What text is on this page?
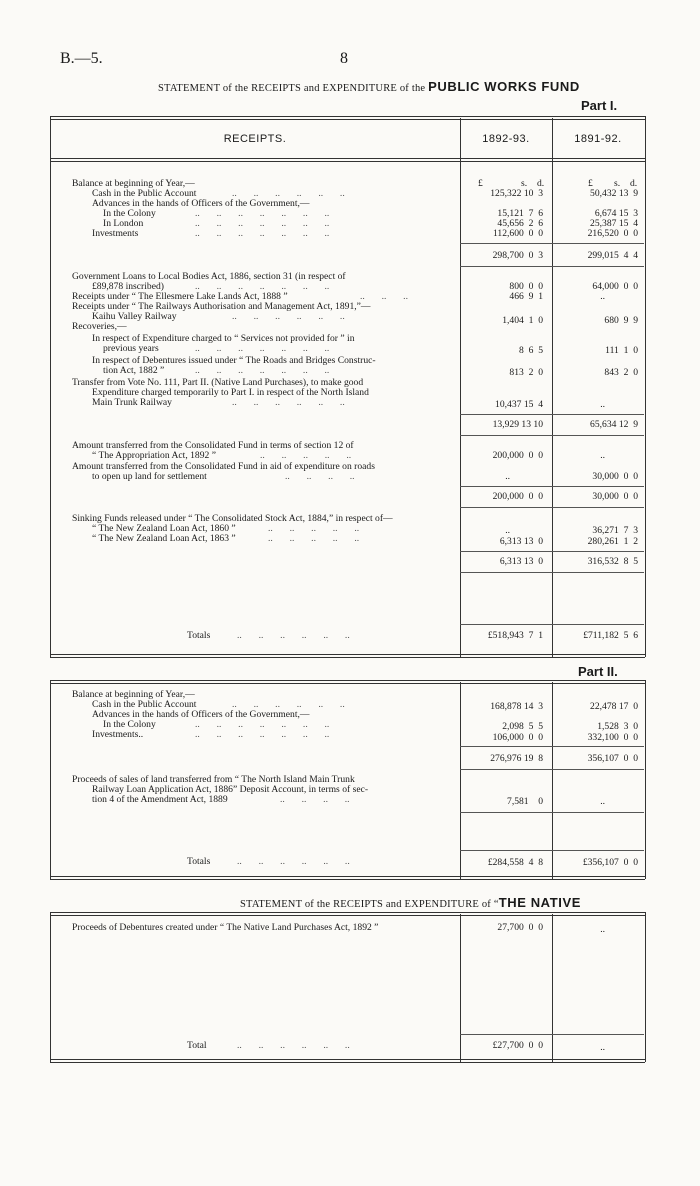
B.—5.	8
STATEMENT of the RECEIPTS and EXPENDITURE of the PUBLIC WORKS FUND
Part I.
RECEIPTS.	1892-93.	1891-92.
£	s. d.	£ s. d.
Balance at beginning of Year,—
Cash in the Public Account	..       ..       ..       ..       ..       ..	125,322 10  3	50,432 13  9
Advances in the hands of Officers of the Government,—
In the Colony	..       ..       ..       ..       ..       ..       ..	15,121  7  6	6,674 15  3
In London	..       ..       ..       ..       ..       ..       ..	45,656  2  6	25,387 15  4
Investments	..       ..       ..       ..       ..       ..       ..	112,600  0  0	216,520  0  0
298,700  0  3	299,015  4  4
Government Loans to Local Bodies Act, 1886, section 31 (in respect of
£89,878 inscribed)	..       ..       ..       ..       ..       ..       ..	800  0  0	64,000  0  0
Receipts under “ The Ellesmere Lake Lands Act, 1888 ”	..       ..       ..	466  9  1	..
Receipts under “ The Railways Authorisation and Management Act, 1891,”—
Kaihu Valley Railway	..       ..       ..       ..       ..       ..	1,404  1  0	680  9  9
Recoveries,—
In respect of Expenditure charged to “ Services not provided for ” in
previous years	..       ..       ..       ..       ..       ..       ..	8  6  5	111  1  0
In respect of Debentures issued under “ The Roads and Bridges Construc-
tion Act, 1882 ”	..       ..       ..       ..       ..       ..       ..	813  2  0	843  2  0
Transfer from Vote No. 111, Part II. (Native Land Purchases), to make good
Expenditure charged temporarily to Part I. in respect of the North Island
Main Trunk Railway	..       ..       ..       ..       ..       ..	10,437 15  4	..
13,929 13 10	65,634 12  9
Amount transferred from the Consolidated Fund in terms of section 12 of
“ The Appropriation Act, 1892 ”	..       ..       ..       ..       ..	200,000  0  0	..
Amount transferred from the Consolidated Fund in aid of expenditure on roads
to open up land for settlement	..       ..       ..       ..	..	30,000  0  0
200,000  0  0	30,000  0  0
Sinking Funds released under “ The Consolidated Stock Act, 1884,” in respect of—
“ The New Zealand Loan Act, 1860 ”	..       ..       ..       ..       ..	..	36,271  7  3
“ The New Zealand Loan Act, 1863 ”	..       ..       ..       ..       ..	6,313 13  0	280,261  1  2
6,313 13  0	316,532  8  5
Totals	..       ..       ..       ..       ..       ..	£518,943  7  1	£711,182  5  6
Part II.
Balance at beginning of Year,—
Cash in the Public Account	..       ..       ..       ..       ..       ..	168,878 14  3	22,478 17  0
Advances in the hands of Officers of the Government,—
In the Colony	..       ..       ..       ..       ..       ..       ..	2,098  5  5	1,528  3  0
Investments..	..       ..       ..       ..       ..       ..       ..	106,000  0  0	332,100  0  0
276,976 19  8	356,107  0  0
Proceeds of sales of land transferred from “ The North Island Main Trunk
Railway Loan Application Act, 1886” Deposit Account, in terms of sec-
tion 4 of the Amendment Act, 1889	..       ..       ..       ..	7,581    0	..
Totals	..       ..       ..       ..       ..       ..	£284,558  4  8	£356,107  0  0
STATEMENT of the RECEIPTS and EXPENDITURE of “THE NATIVE
Proceeds of Debentures created under “ The Native Land Purchases Act, 1892 ”	27,700  0  0	..
Total	..       ..       ..       ..       ..       ..	£27,700  0  0	..
